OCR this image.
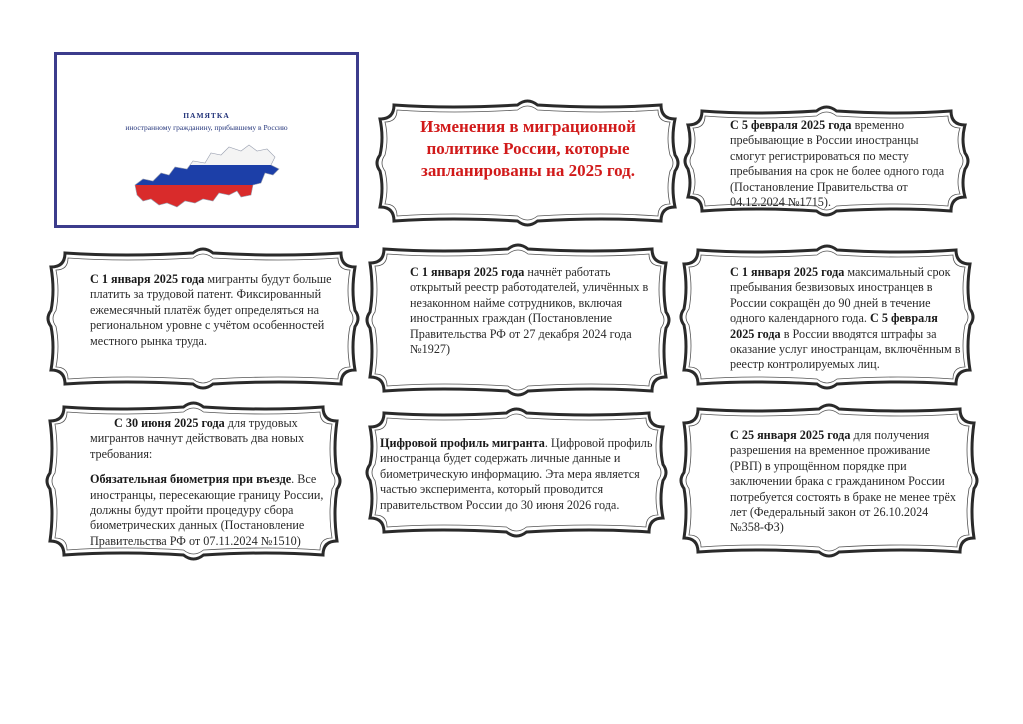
ПАМЯТКА
иностранному гражданину, прибывшему в Россию	Изменения в миграционной политике России, которые запланированы на 2025 год.

С 5 февраля 2025 года временно пребывающие в России иностранцы смогут регистрироваться по месту пребывания на срок не более одного года (Постановление Правительства от 04.12.2024 №1715).

С 1 января 2025 года мигранты будут больше платить за трудовой патент. Фиксированный ежемесячный платёж будет определяться на региональном уровне с учётом особенностей местного рынка труда.

С 1 января 2025 года начнёт работать открытый реестр работодателей, уличённых в незаконном найме сотрудников, включая иностранных граждан (Постановление Правительства РФ от 27 декабря 2024 года №1927)

С 1 января 2025 года максимальный срок пребывания безвизовых иностранцев в России сокращён до 90 дней в течение одного календарного года. С 5 февраля 2025 года в России вводятся штрафы за оказание услуг иностранцам, включённым в реестр контролируемых лиц.

С 30 июня 2025 года для трудовых мигрантов начнут действовать два новых требования:

Обязательная биометрия при въезде. Все иностранцы, пересекающие границу России, должны будут пройти процедуру сбора биометрических данных (Постановление Правительства РФ от 07.11.2024 №1510)

Цифровой профиль мигранта. Цифровой профиль иностранца будет содержать личные данные и биометрическую информацию. Эта мера является частью эксперимента, который проводится правительством России до 30 июня 2026 года.

С 25 января 2025 года для получения разрешения на временное проживание (РВП) в упрощённом порядке при заключении брака с гражданином России потребуется состоять в браке не менее трёх лет (Федеральный закон от 26.10.2024 №358-ФЗ)
